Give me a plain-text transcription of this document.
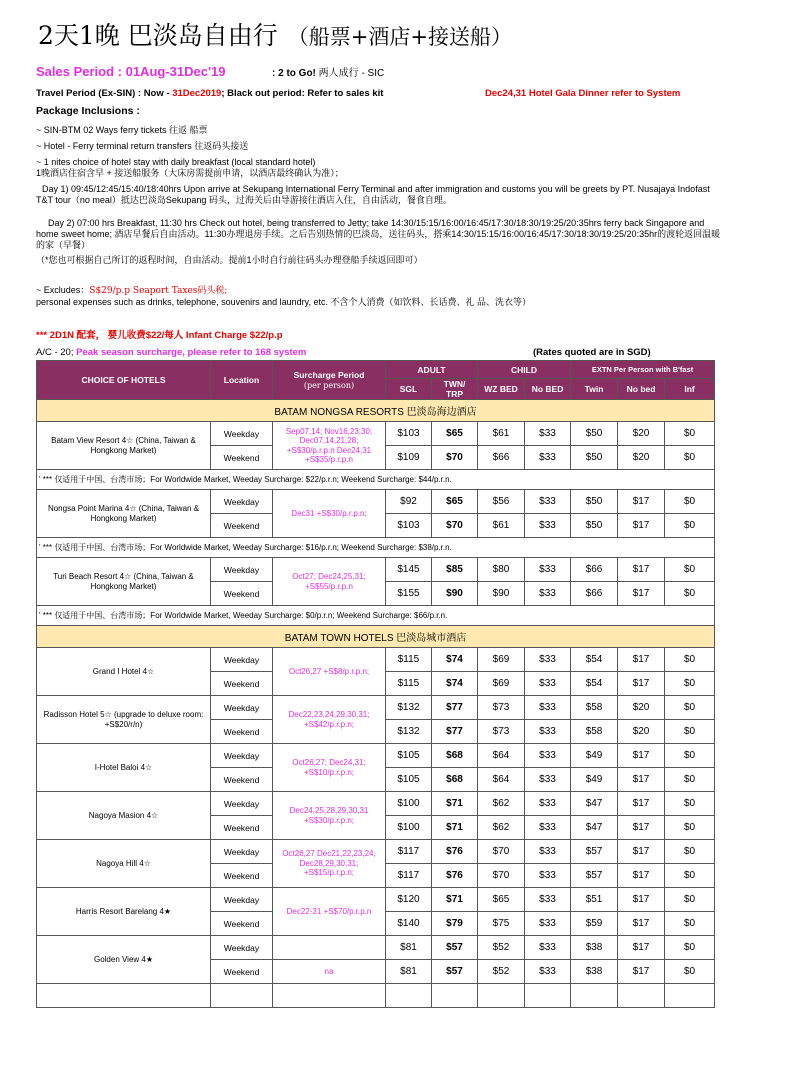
2天1晚 巴淡岛自由行 （船票+酒店+接送船）
Sales Period : 01Aug-31Dec'19	: 2 to Go! 两人成行 - SIC
Travel Period (Ex-SIN) : Now - 31Dec2019; Black out period: Refer to sales kit	Dec24,31 Hotel Gala Dinner refer to System
Package Inclusions :
~ SIN-BTM 02 Ways ferry tickets 往返 船票
~ Hotel - Ferry terminal return transfers 往返码头接送
~ 1 nites choice of hotel stay with daily breakfast (local standard hotel)
1晚酒店住宿含早 + 接送船服务（大床房需提前申请，以酒店最终确认为准）；
Day 1) 09:45/12:45/15:40/18:40hrs Upon arrive at Sekupang International Ferry Terminal and after immigration and customs you will be greets by PT. Nusajaya Indofast T&T tour（no meal）抵达巴淡岛Sekupang 码头，过海关后由导游接往酒店入住，自由活动，餐食自理。
Day 2) 07:00 hrs Breakfast, 11:30 hrs Check out hotel, being transferred to Jetty; take 14:30/15:15/16:00/16:45/17:30/18:30/19:25/20:35hrs ferry back Singapore and home sweet home; 酒店早餐后自由活动。11:30办理退房手续。之后告别热情的巴淡岛，送往码头，搭乘14:30/15:15/16:00/16:45/17:30/18:30/19:25/20:35hr的渡轮返回温暖的家（早餐）
（*您也可根据自己所订的返程时间，自由活动。提前1小时自行前往码头办理登船手续返回即可）
~ Excludes：S$29/p.p Seaport Taxes码头税;
personal expenses such as drinks, telephone, souvenirs and laundry, etc. 不含个人消费（如饮料、长话费、礼 品、洗衣等）
*** 2D1N 配套， 婴儿收费$22/每人 Infant Charge $22/p.p
A/C - 20; Peak season surcharge, please refer to 168 system	(Rates quoted are in SGD)
CHOICE OF HOTELS	Location	Surcharge Period
(per person)	ADULT		CHILD		EXTN Per Person with B'fast		
			SGL	TWN/ TRP	WZ BED	No BED	Twin	No bed	Inf
BATAM NONGSA RESORTS 巴淡岛海边酒店									
Batam View Resort 4☆ (China, Taiwan & Hongkong Market)	Weekday	Sep07,14; Nov16,23,30; Dec07,14,21,28; +S$30/p.r.p.n Dec24,31 +S$35/p.r.p.n	$103	$65	$61	$33	$50	$20	$0
	Weekend		$109	$70	$66	$33	$50	$20	$0
' *** 仅适用于中国、台湾市场；For Worldwide Market, Weeday Surcharge: $22/p.r.n; Weekend Surcharge: $44/p.r.n.									
Nongsa Point Marina 4☆ (China, Taiwan & Hongkong Market)	Weekday	Dec31 +S$30/p.r.p.n;	$92	$65	$56	$33	$50	$17	$0
	Weekend		$103	$70	$61	$33	$50	$17	$0
' *** 仅适用于中国、台湾市场；For Worldwide Market, Weeday Surcharge: $16/p.r.n; Weekend Surcharge: $38/p.r.n.									
Turi Beach Resort 4☆ (China, Taiwan & Hongkong Market)	Weekday	Oct27; Dec24,25,31; +S$55/p.r.p.n	$145	$85	$80	$33	$66	$17	$0
	Weekend		$155	$90	$90	$33	$66	$17	$0
' *** 仅适用于中国、台湾市场；For Worldwide Market, Weeday Surcharge: $0/p.r.n; Weekend Surcharge: $66/p.r.n.									
BATAM TOWN HOTELS 巴淡岛城市酒店									
Grand I Hotel 4☆	Weekday	Oct26,27 +S$8/p.r.p.n;	$115	$74	$69	$33	$54	$17	$0
	Weekend		$115	$74	$69	$33	$54	$17	$0
Radisson Hotel 5☆ (upgrade to deluxe room: +S$20/r/n)	Weekday	Dec22,23,24,29,30,31; +S$42/p.r.p.n;	$132	$77	$73	$33	$58	$20	$0
	Weekend		$132	$77	$73	$33	$58	$20	$0
I-Hotel Baloi 4☆	Weekday	Oct26,27; Dec24,31; +S$10/p.r.p.n;	$105	$68	$64	$33	$49	$17	$0
	Weekend		$105	$68	$64	$33	$49	$17	$0
Nagoya Masion 4☆	Weekday	Dec24,25,28,29,30,31 +S$30/p.r.p.n;	$100	$71	$62	$33	$47	$17	$0
	Weekend		$100	$71	$62	$33	$47	$17	$0
Nagoya Hill 4☆	Weekday	Oct26,27 Dec21,22,23,24, Dec28,29,30,31; +S$15/p.r.p.n;	$117	$76	$70	$33	$57	$17	$0
	Weekend		$117	$76	$70	$33	$57	$17	$0
Harris Resort Barelang 4★	Weekday	Dec22-31 +S$70/p.r.p.n	$120	$71	$65	$33	$51	$17	$0
	Weekend		$140	$79	$75	$33	$59	$17	$0
Golden View 4★	Weekday		$81	$57	$52	$33	$38	$17	$0
	Weekend	na	$81	$57	$52	$33	$38	$17	$0
